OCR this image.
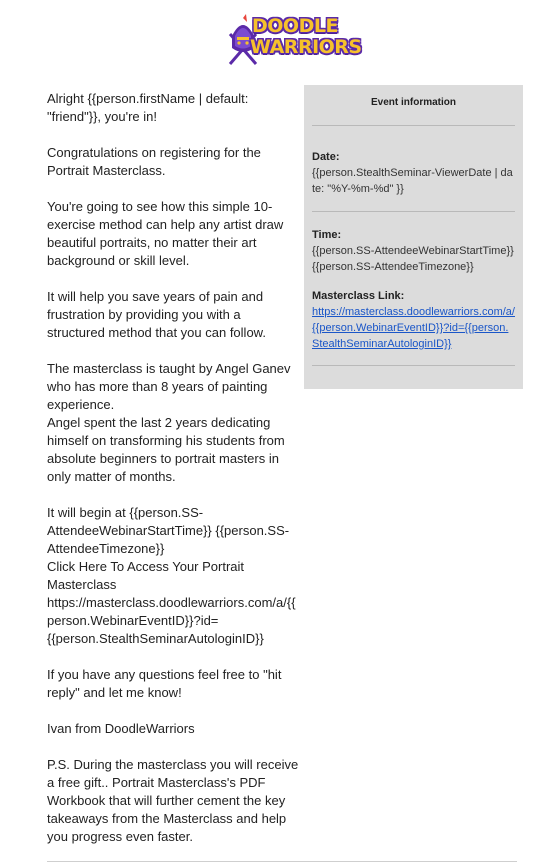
DOODLE
WARRIORS

Alright {{person.firstName | default: "friend"}}, you're in!

Congratulations on registering for the Portrait Masterclass.

You're going to see how this simple 10-exercise method can help any artist draw beautiful portraits, no matter their art background or skill level.

It will help you save years of pain and frustration by providing you with a structured method that you can follow.

The masterclass is taught by Angel Ganev who has more than 8 years of painting experience.

Angel spent the last 2 years dedicating himself on transforming his students from absolute beginners to portrait masters in only matter of months.

It will begin at {{person.SS-AttendeeWebinarStartTime}} {{person.SS-AttendeeTimezone}}

Click Here To Access Your Portrait Masterclass

https://masterclass.doodlewarriors.com/a/{{person.WebinarEventID}}?id={{person.StealthSeminarAutologinID}}

If you have any questions feel free to "hit reply" and let me know!

Ivan from DoodleWarriors

P.S. During the masterclass you will receive a free gift.. Portrait Masterclass's PDF Workbook that will further cement the key takeaways from the Masterclass and help you progress even faster.

Event information
Date:
{{person.StealthSeminar-ViewerDate | date: "%Y-%m-%d" }}
Time:
{{person.SS-AttendeeWebinarStartTime}}
{{person.SS-AttendeeTimezone}}
Masterclass Link:
https://masterclass.doodlewarriors.com/a/{{person.WebinarEventID}}?id={{person.StealthSeminarAutologinID}}
